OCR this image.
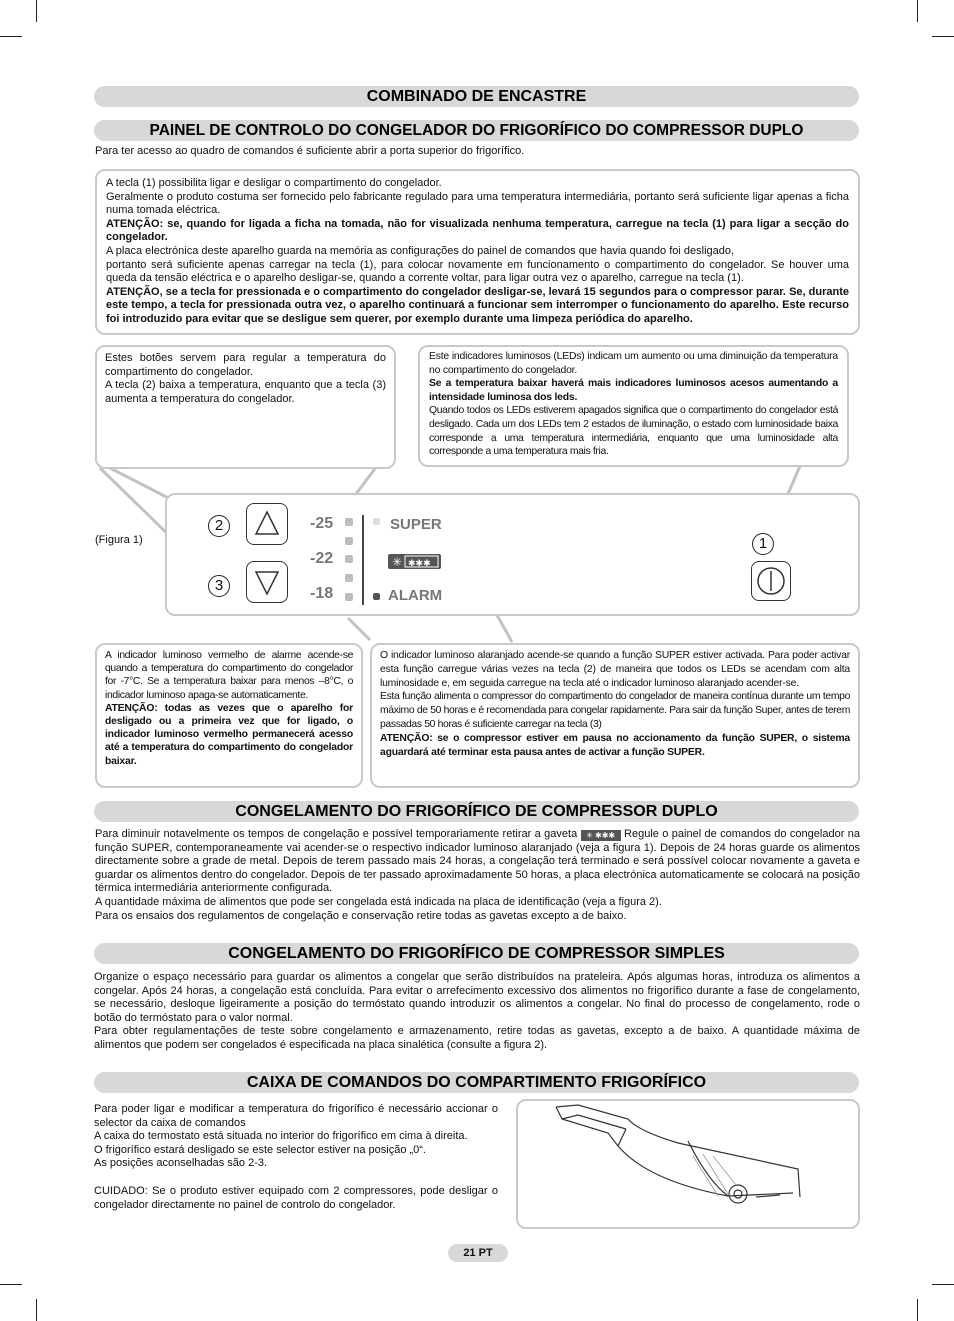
COMBINADO DE ENCASTRE
PAINEL DE CONTROLO DO CONGELADOR DO FRIGORÍFICO DO COMPRESSOR DUPLO
Para ter acesso ao quadro de comandos é suficiente abrir a porta superior do frigorífico.
A tecla (1) possibilita ligar e desligar o compartimento do congelador.
Geralmente o produto costuma ser fornecido pelo fabricante regulado para uma temperatura intermediária, portanto será suficiente ligar apenas a ficha numa tomada eléctrica.
ATENÇÃO: se, quando for ligada a ficha na tomada, não for visualizada nenhuma temperatura, carregue na tecla (1) para ligar a secção do congelador.
A placa electrónica deste aparelho guarda na memória as configurações do painel de comandos que havia quando foi desligado,
portanto será suficiente apenas carregar na tecla (1), para colocar novamente em funcionamento o compartimento do congelador. Se houver uma queda da tensão eléctrica e o aparelho desligar-se, quando a corrente voltar, para ligar outra vez o aparelho, carregue na tecla (1).
ATENÇÃO, se a tecla for pressionada e o compartimento do congelador desligar-se, levará 15 segundos para o compressor parar. Se, durante este tempo, a tecla for pressionada outra vez, o aparelho continuará a funcionar sem interromper o funcionamento do aparelho. Este recurso foi introduzido para evitar que se desligue sem querer, por exemplo durante uma limpeza periódica do aparelho.
Estes botões servem para regular a temperatura do compartimento do congelador.
A tecla (2) baixa a temperatura, enquanto que a tecla (3) aumenta a temperatura do congelador.
Este indicadores luminosos (LEDs) indicam um aumento ou uma diminuição da temperatura no compartimento do congelador.
Se a temperatura baixar haverá mais indicadores luminosos acesos aumentando a intensidade luminosa dos leds.
Quando todos os LEDs estiverem apagados significa que o compartimento do congelador está desligado. Cada um dos LEDs tem 2 estados de iluminação, o estado com luminosidade baixa corresponde a uma temperatura intermediária, enquanto que uma luminosidade alta corresponde a uma temperatura mais fria.
(Figura 1)
2
3
1
-25
-22
-18
SUPER
✳ ✱✱✱
ALARM
A indicador luminoso vermelho de alarme acende-se quando a temperatura do compartimento do congelador for -7°C. Se a temperatura baixar para menos –8°C, o indicador luminoso apaga-se automaticamente.
ATENÇÃO: todas as vezes que o aparelho for desligado ou a primeira vez que for ligado, o indicador luminoso vermelho permanecerá acesso até a temperatura do compartimento do congelador baixar.
O indicador luminoso alaranjado acende-se quando a função SUPER estiver activada. Para poder activar esta função carregue várias vezes na tecla (2) de maneira que todos os LEDs se acendam com alta luminosidade e, em seguida carregue na tecla até o indicador luminoso alaranjado acender-se.
Esta função alimenta o compressor do compartimento do congelador de maneira contínua durante um tempo máximo de 50 horas e é recomendada para congelar rapidamente. Para sair da função Super, antes de terem passadas 50 horas é suficiente carregar na tecla (3)
ATENÇÃO: se o compressor estiver em pausa no accionamento da função SUPER, o sistema aguardará até terminar esta pausa antes de activar a função SUPER.
CONGELAMENTO DO FRIGORÍFICO DE COMPRESSOR DUPLO
Para diminuir notavelmente os tempos de congelação e possível temporariamente retirar a gaveta ✳ ✱✱✱ Regule o painel de comandos do congelador na função SUPER, contemporaneamente vai acender-se o respectivo indicador luminoso alaranjado (veja a figura 1). Depois de 24 horas guarde os alimentos directamente sobre a grade de metal. Depois de terem passado mais 24 horas, a congelação terá terminado e será possível colocar novamente a gaveta e guardar os alimentos dentro do congelador. Depois de ter passado aproximadamente 50 horas, a placa electrónica automaticamente se colocará na posição térmica intermediária anteriormente configurada.
A quantidade máxima de alimentos que pode ser congelada está indicada na placa de identificação (veja a figura 2).
Para os ensaios dos regulamentos de congelação e conservação retire todas as gavetas excepto a de baixo.
CONGELAMENTO DO FRIGORÍFICO DE COMPRESSOR SIMPLES
Organize o espaço necessário para guardar os alimentos a congelar que serão distribuídos na prateleira. Após algumas horas, introduza os alimentos a congelar. Após 24 horas, a congelação está concluída. Para evitar o arrefecimento excessivo dos alimentos no frigorífico durante a fase de congelamento, se necessário, desloque ligeiramente a posição do termóstato quando introduzir os alimentos a congelar. No final do processo de congelamento, rode o botão do termóstato para o valor normal.
Para obter regulamentações de teste sobre congelamento e armazenamento, retire todas as gavetas, excepto a de baixo. A quantidade máxima de alimentos que podem ser congelados é especificada na placa sinalética (consulte a figura 2).
CAIXA DE COMANDOS DO COMPARTIMENTO FRIGORÍFICO
Para poder ligar e modificar a temperatura do frigorífico é necessário accionar o selector da caixa de comandos
A caixa do termostato está situada no interior do frigorífico em cima à direita.
O frigorífico estará desligado se este selector estiver na posição „0“.
As posições aconselhadas são 2-3.
CUIDADO: Se o produto estiver equipado com 2 compressores, pode desligar o congelador directamente no painel de controlo do congelador.
21 PT
